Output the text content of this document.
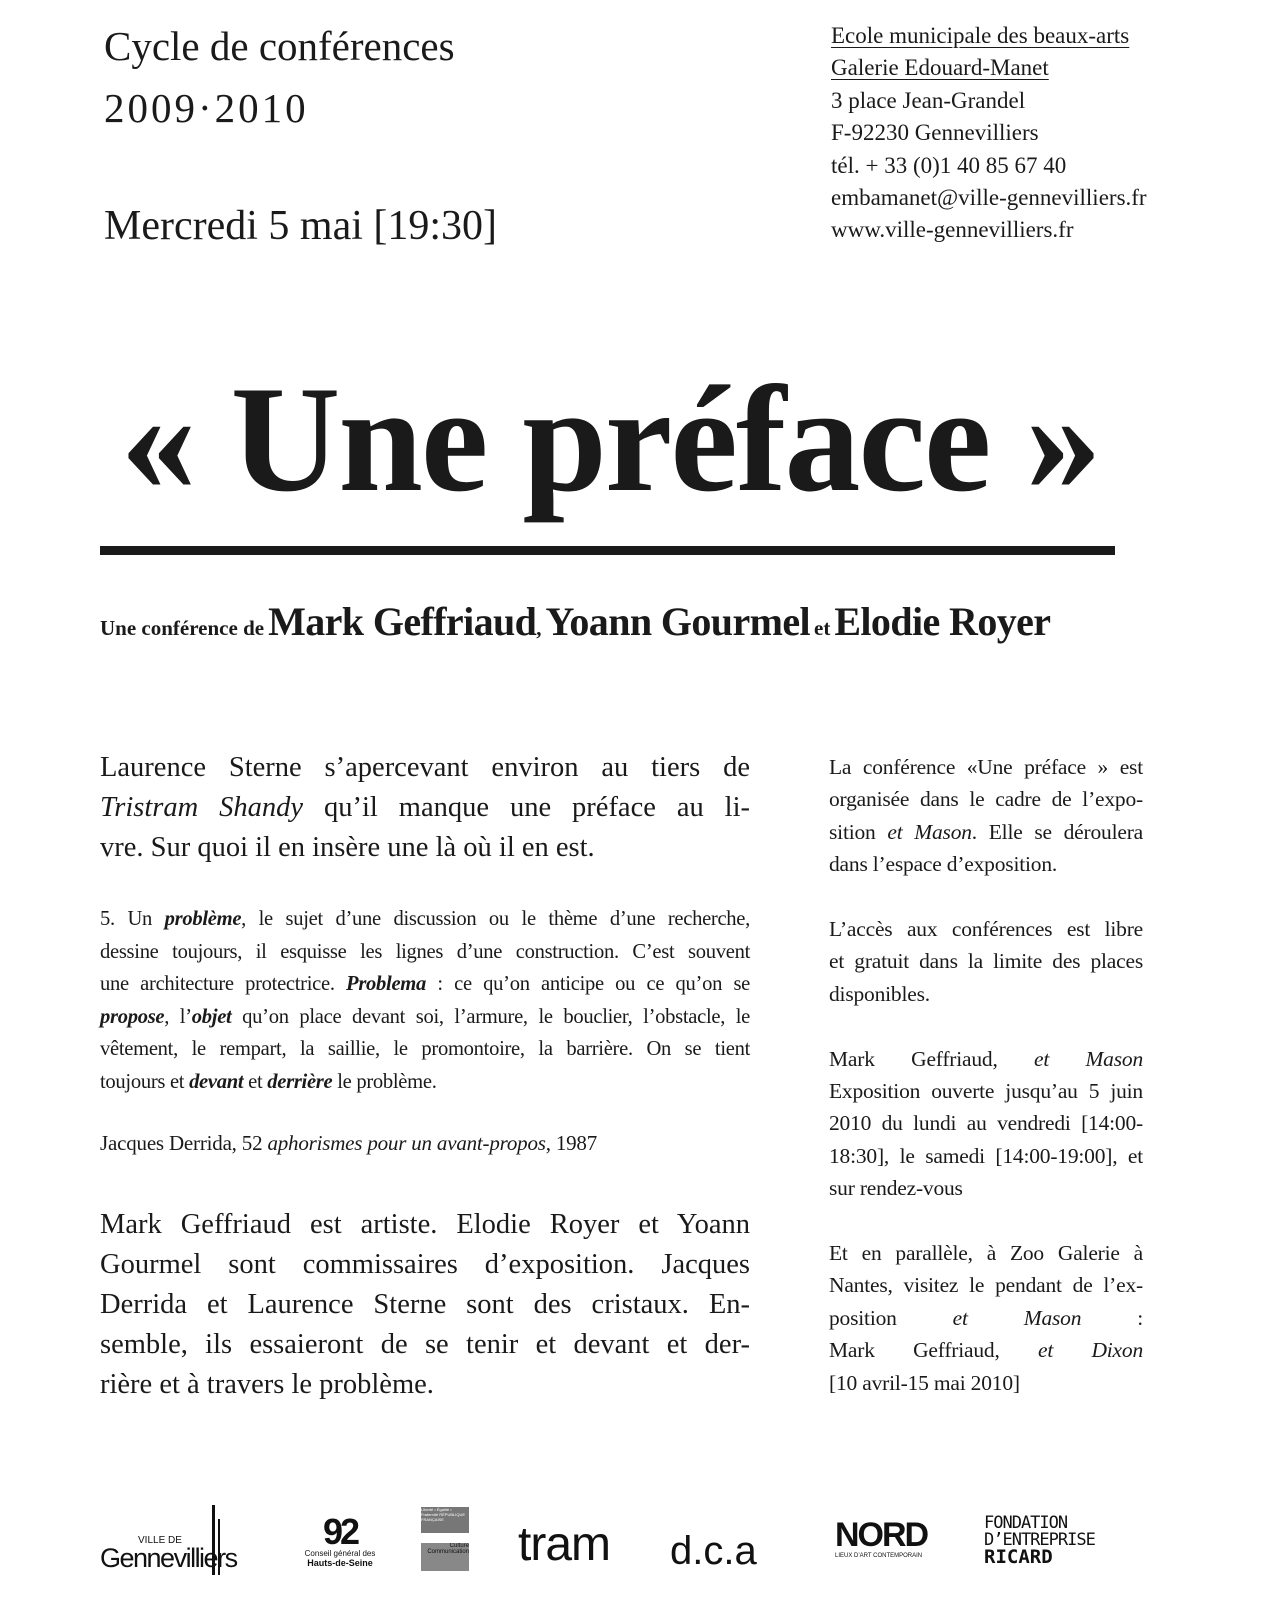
Cycle de conférences
2009·2010
Mercredi 5 mai [19:30]
Ecole municipale des beaux-arts
Galerie Edouard-Manet
3 place Jean-Grandel
F-92230 Gennevilliers
tél. + 33 (0)1 40 85 67 40
embamanet@ville-gennevilliers.fr
www.ville-gennevilliers.fr
« Une préface »
Une conférence de Mark Geffriaud, Yoann Gourmel et Elodie Royer
Laurence Sterne s’apercevant environ au tiers de
Tristram Shandy qu’il manque une préface au li-
vre. Sur quoi il en insère une là où il en est.
5. Un problème, le sujet d’une discussion ou le thème d’une recherche,
dessine toujours, il esquisse les lignes d’une construction. C’est souvent
une architecture protectrice. Problema : ce qu’on anticipe ou ce qu’on se
propose, l’objet qu’on place devant soi, l’armure, le bouclier, l’obstacle, le
vêtement, le rempart, la saillie, le promontoire, la barrière. On se tient
toujours et devant et derrière le problème.
Jacques Derrida, 52 aphorismes pour un avant-propos, 1987
Mark Geffriaud est artiste. Elodie Royer et Yoann
Gourmel sont commissaires d’exposition. Jacques
Derrida et Laurence Sterne sont des cristaux. En-
semble, ils essaieront de se tenir et devant et der-
rière et à travers le problème.
La conférence «Une préface » est
organisée dans le cadre de l’expo-
sition et Mason. Elle se déroulera
dans l’espace d’exposition.
L’accès aux conférences est libre
et gratuit dans la limite des places
disponibles.
Mark Geffriaud, et Mason
Exposition ouverte jusqu’au 5 juin
2010 du lundi au vendredi [14:00-
18:30], le samedi [14:00-19:00], et
sur rendez-vous
Et en parallèle, à Zoo Galerie à
Nantes, visitez le pendant de l’ex-
position et Mason :
Mark Geffriaud, et Dixon
[10 avril-15 mai 2010]
VILLE DE
Gennevilliers
92
Conseil général des
Hauts-de-Seine
Liberté • Égalité • Fraternité RÉPUBLIQUE FRANÇAISE
Culture Communication tram d.c.a NORD
LIEUX D’ART CONTEMPORAIN
FONDATION
D’ENTREPRISE
RICARD
